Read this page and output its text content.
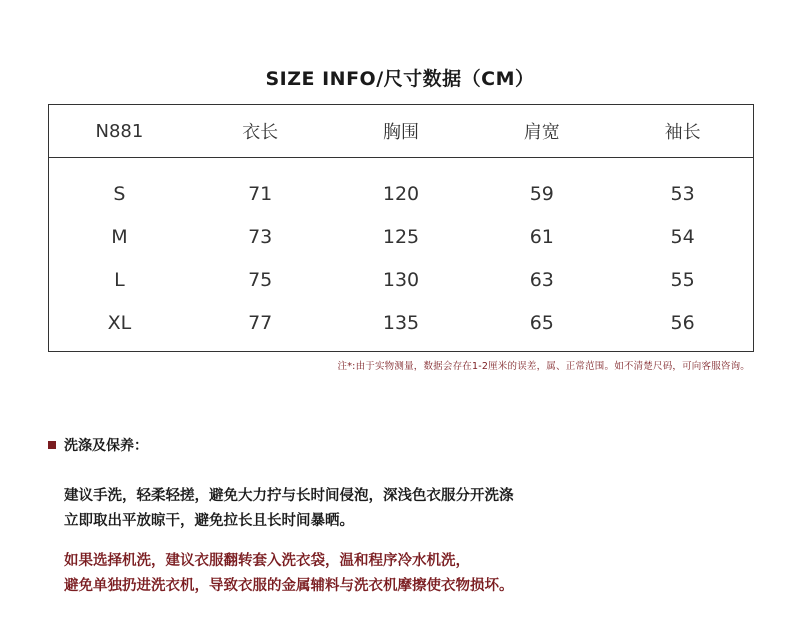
SIZE INFO/尺寸数据（CM）
N881	衣长	胸围	肩宽	袖长
S	71	120	59	53
M	73	125	61	54
L	75	130	63	55
XL	77	135	65	56
注*:由于实物测量，数据会存在1-2厘米的误差，属、正常范围。如不清楚尺码，可向客服咨询。
洗涤及保养：
建议手洗，轻柔轻搓，避免大力拧与长时间侵泡，深浅色衣服分开洗涤
立即取出平放晾干，避免拉长且长时间暴晒。
如果选择机洗，建议衣服翻转套入洗衣袋，温和程序冷水机洗，
避免单独扔进洗衣机，导致衣服的金属辅料与洗衣机摩擦使衣物损坏。
